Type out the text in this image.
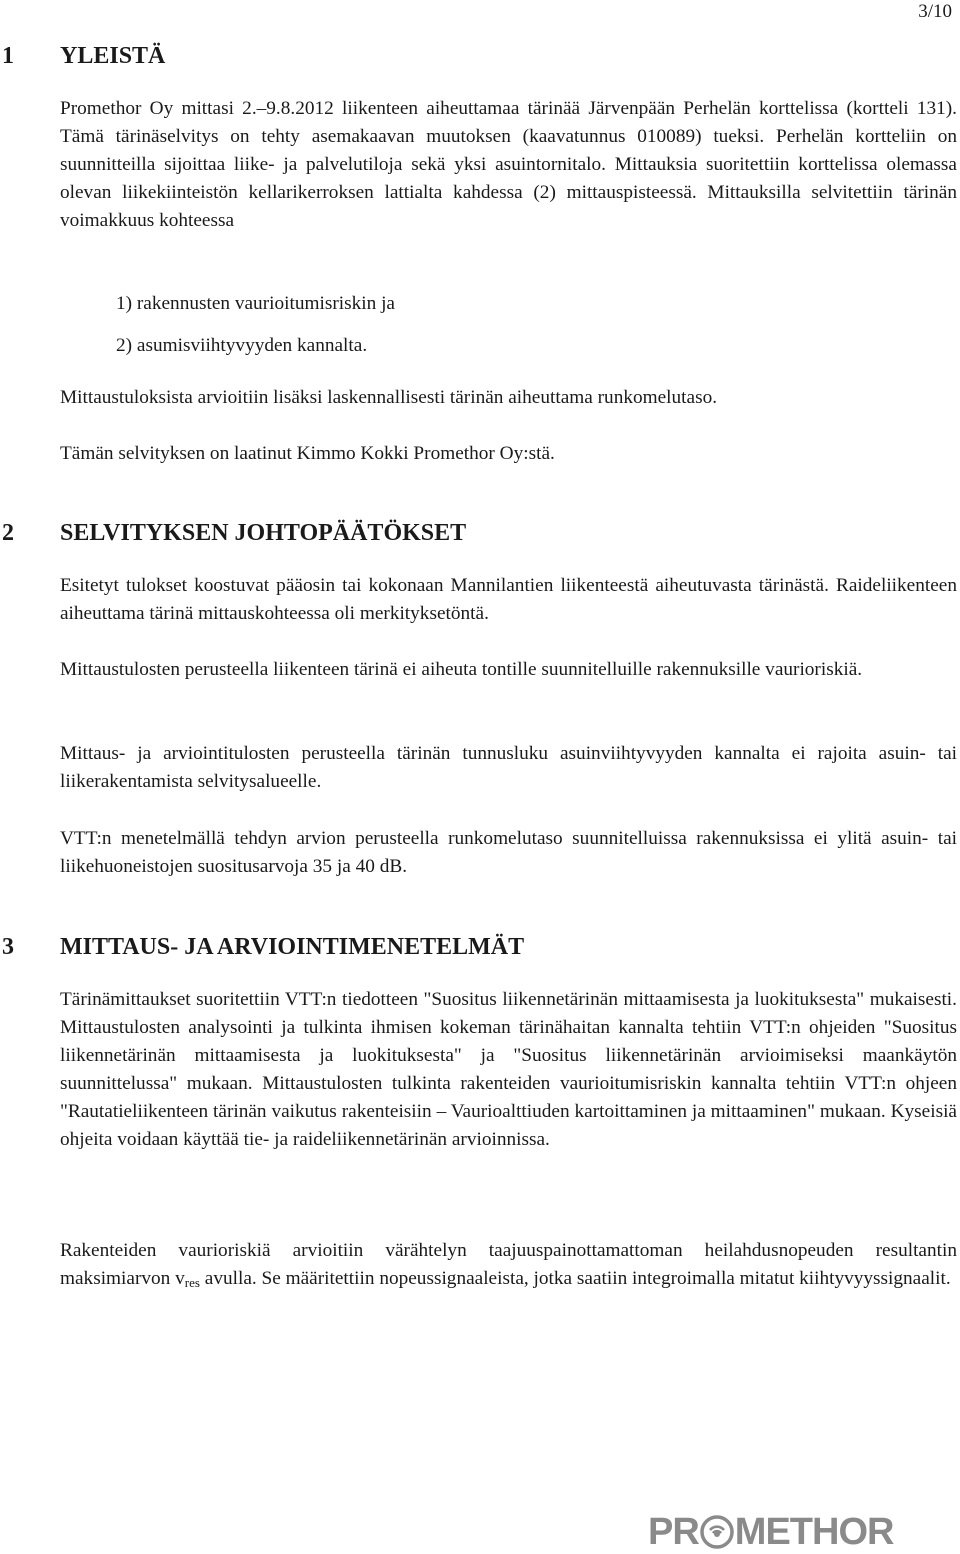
3/10
1 YLEISTÄ

Promethor Oy mittasi 2.–9.8.2012 liikenteen aiheuttamaa tärinää Järvenpään Perhelän korttelissa (kortteli 131). Tämä tärinäselvitys on tehty asemakaavan muutoksen (kaavatunnus 010089) tueksi. Perhelän kortteliin on suunnitteilla sijoittaa liike- ja palvelutiloja sekä yksi asuintornitalo. Mittauksia suoritettiin korttelissa olemassa olevan liikekiinteistön kellarikerroksen lattialta kahdessa (2) mittauspisteessä. Mittauksilla selvitettiin tärinän voimakkuus kohteessa

1) rakennusten vaurioitumisriskin ja

2) asumisviihtyvyyden kannalta.

Mittaustuloksista arvioitiin lisäksi laskennallisesti tärinän aiheuttama runkomelutaso.

Tämän selvityksen on laatinut Kimmo Kokki Promethor Oy:stä.

2 SELVITYKSEN JOHTOPÄÄTÖKSET

Esitetyt tulokset koostuvat pääosin tai kokonaan Mannilantien liikenteestä aiheutuvasta tärinästä. Raideliikenteen aiheuttama tärinä mittauskohteessa oli merkityksetöntä.

Mittaustulosten perusteella liikenteen tärinä ei aiheuta tontille suunnitelluille rakennuksille vaurioriskiä.

Mittaus- ja arviointitulosten perusteella tärinän tunnusluku asuinviihtyvyyden kannalta ei rajoita asuin- tai liikerakentamista selvitysalueelle.

VTT:n menetelmällä tehdyn arvion perusteella runkomelutaso suunnitelluissa rakennuksissa ei ylitä asuin- tai liikehuoneistojen suositusarvoja 35 ja 40 dB.

3 MITTAUS- JA ARVIOINTIMENETELMÄT

Tärinämittaukset suoritettiin VTT:n tiedotteen "Suositus liikennetärinän mittaamisesta ja luokituksesta" mukaisesti. Mittaustulosten analysointi ja tulkinta ihmisen kokeman tärinähaitan kannalta tehtiin VTT:n ohjeiden "Suositus liikennetärinän mittaamisesta ja luokituksesta" ja "Suositus liikennetärinän arvioimiseksi maankäytön suunnittelussa" mukaan. Mittaustulosten tulkinta rakenteiden vaurioitumisriskin kannalta tehtiin VTT:n ohjeen "Rautatieliikenteen tärinän vaikutus rakenteisiin – Vaurioalttiuden kartoittaminen ja mittaaminen" mukaan. Kyseisiä ohjeita voidaan käyttää tie- ja raideliikennetärinän arvioinnissa.

Rakenteiden vaurioriskiä arvioitiin värähtelyn taajuuspainottamattoman heilahdusnopeuden resultantin maksimiarvon $v_{res}$ avulla. Se määritettiin nopeussignaaleista, jotka saatiin integroimalla mitatut kiihtyvyyssignaalit.

PR METHOR
